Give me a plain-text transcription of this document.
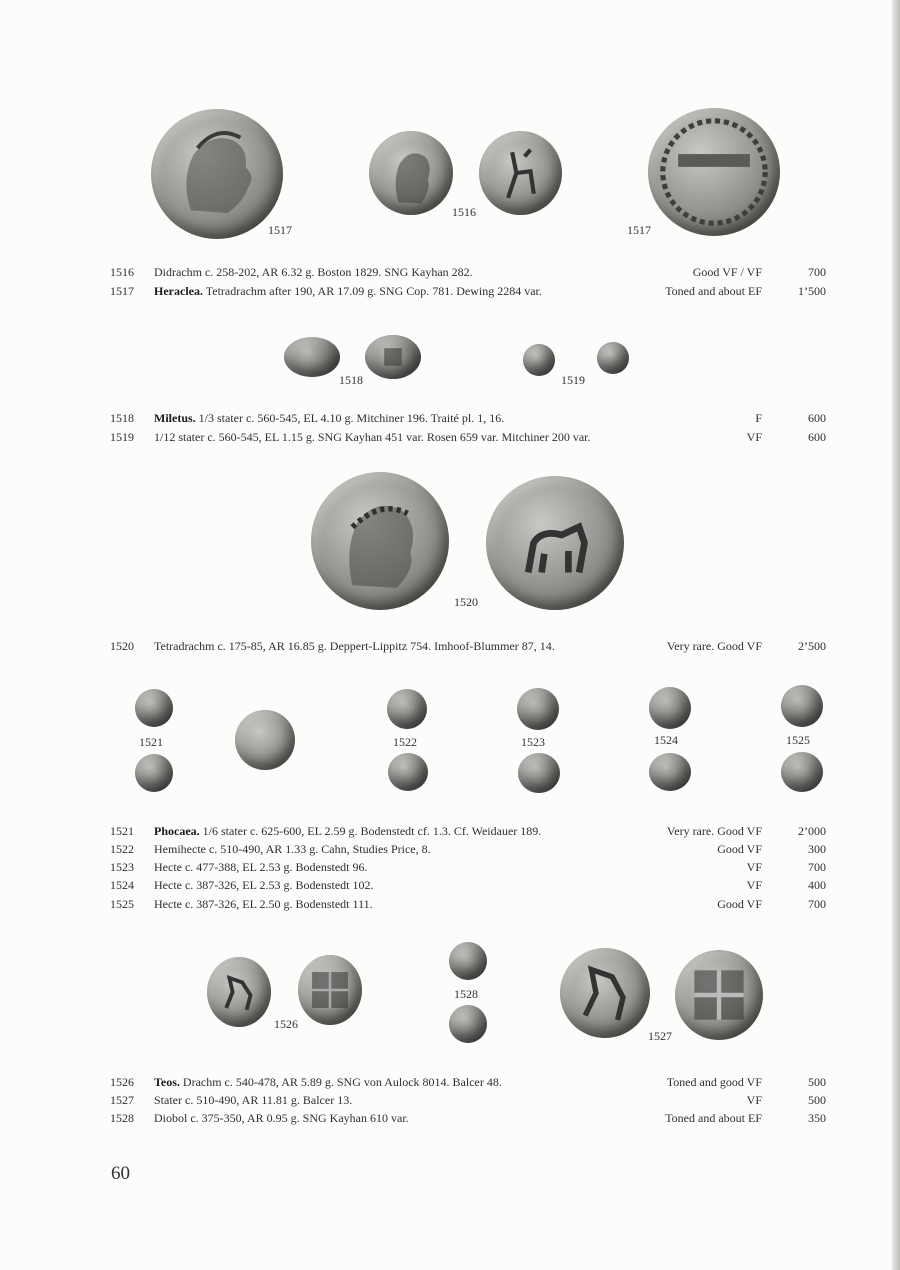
1517
1516
1517
1516 Didrachm c. 258-202, AR 6.32 g. Boston 1829. SNG Kayhan 282.	Good VF / VF	700
1517 Heraclea. Tetradrachm after 190, AR 17.09 g. SNG Cop. 781. Dewing 2284 var.	Toned and about EF	1’500
1518	1519
1518 Miletus. 1/3 stater c. 560-545, EL 4.10 g. Mitchiner 196. Traité pl. 1, 16.	F	600
1519 1/12 stater c. 560-545, EL 1.15 g. SNG Kayhan 451 var. Rosen 659 var. Mitchiner 200 var.	VF	600
1520
1520 Tetradrachm c. 175-85, AR 16.85 g. Deppert-Lippitz 754. Imhoof-Blummer 87, 14.	Very rare. Good VF	2’500
1521	1522	1523	1524	1525
1521 Phocaea. 1/6 stater c. 625-600, EL 2.59 g. Bodenstedt cf. 1.3. Cf. Weidauer 189.	Very rare. Good VF	2’000
1522 Hemihecte c. 510-490, AR 1.33 g. Cahn, Studies Price, 8.	Good VF	300
1523 Hecte c. 477-388, EL 2.53 g. Bodenstedt 96.	VF	700
1524 Hecte c. 387-326, EL 2.53 g. Bodenstedt 102.	VF	400
1525 Hecte c. 387-326, EL 2.50 g. Bodenstedt 111.	Good VF	700
1526
1528
1527
1526 Teos. Drachm c. 540-478, AR 5.89 g. SNG von Aulock 8014. Balcer 48.	Toned and good VF	500
1527 Stater c. 510-490, AR 11.81 g. Balcer 13.	VF	500
1528 Diobol c. 375-350, AR 0.95 g. SNG Kayhan 610 var.	Toned and about EF	350
60
